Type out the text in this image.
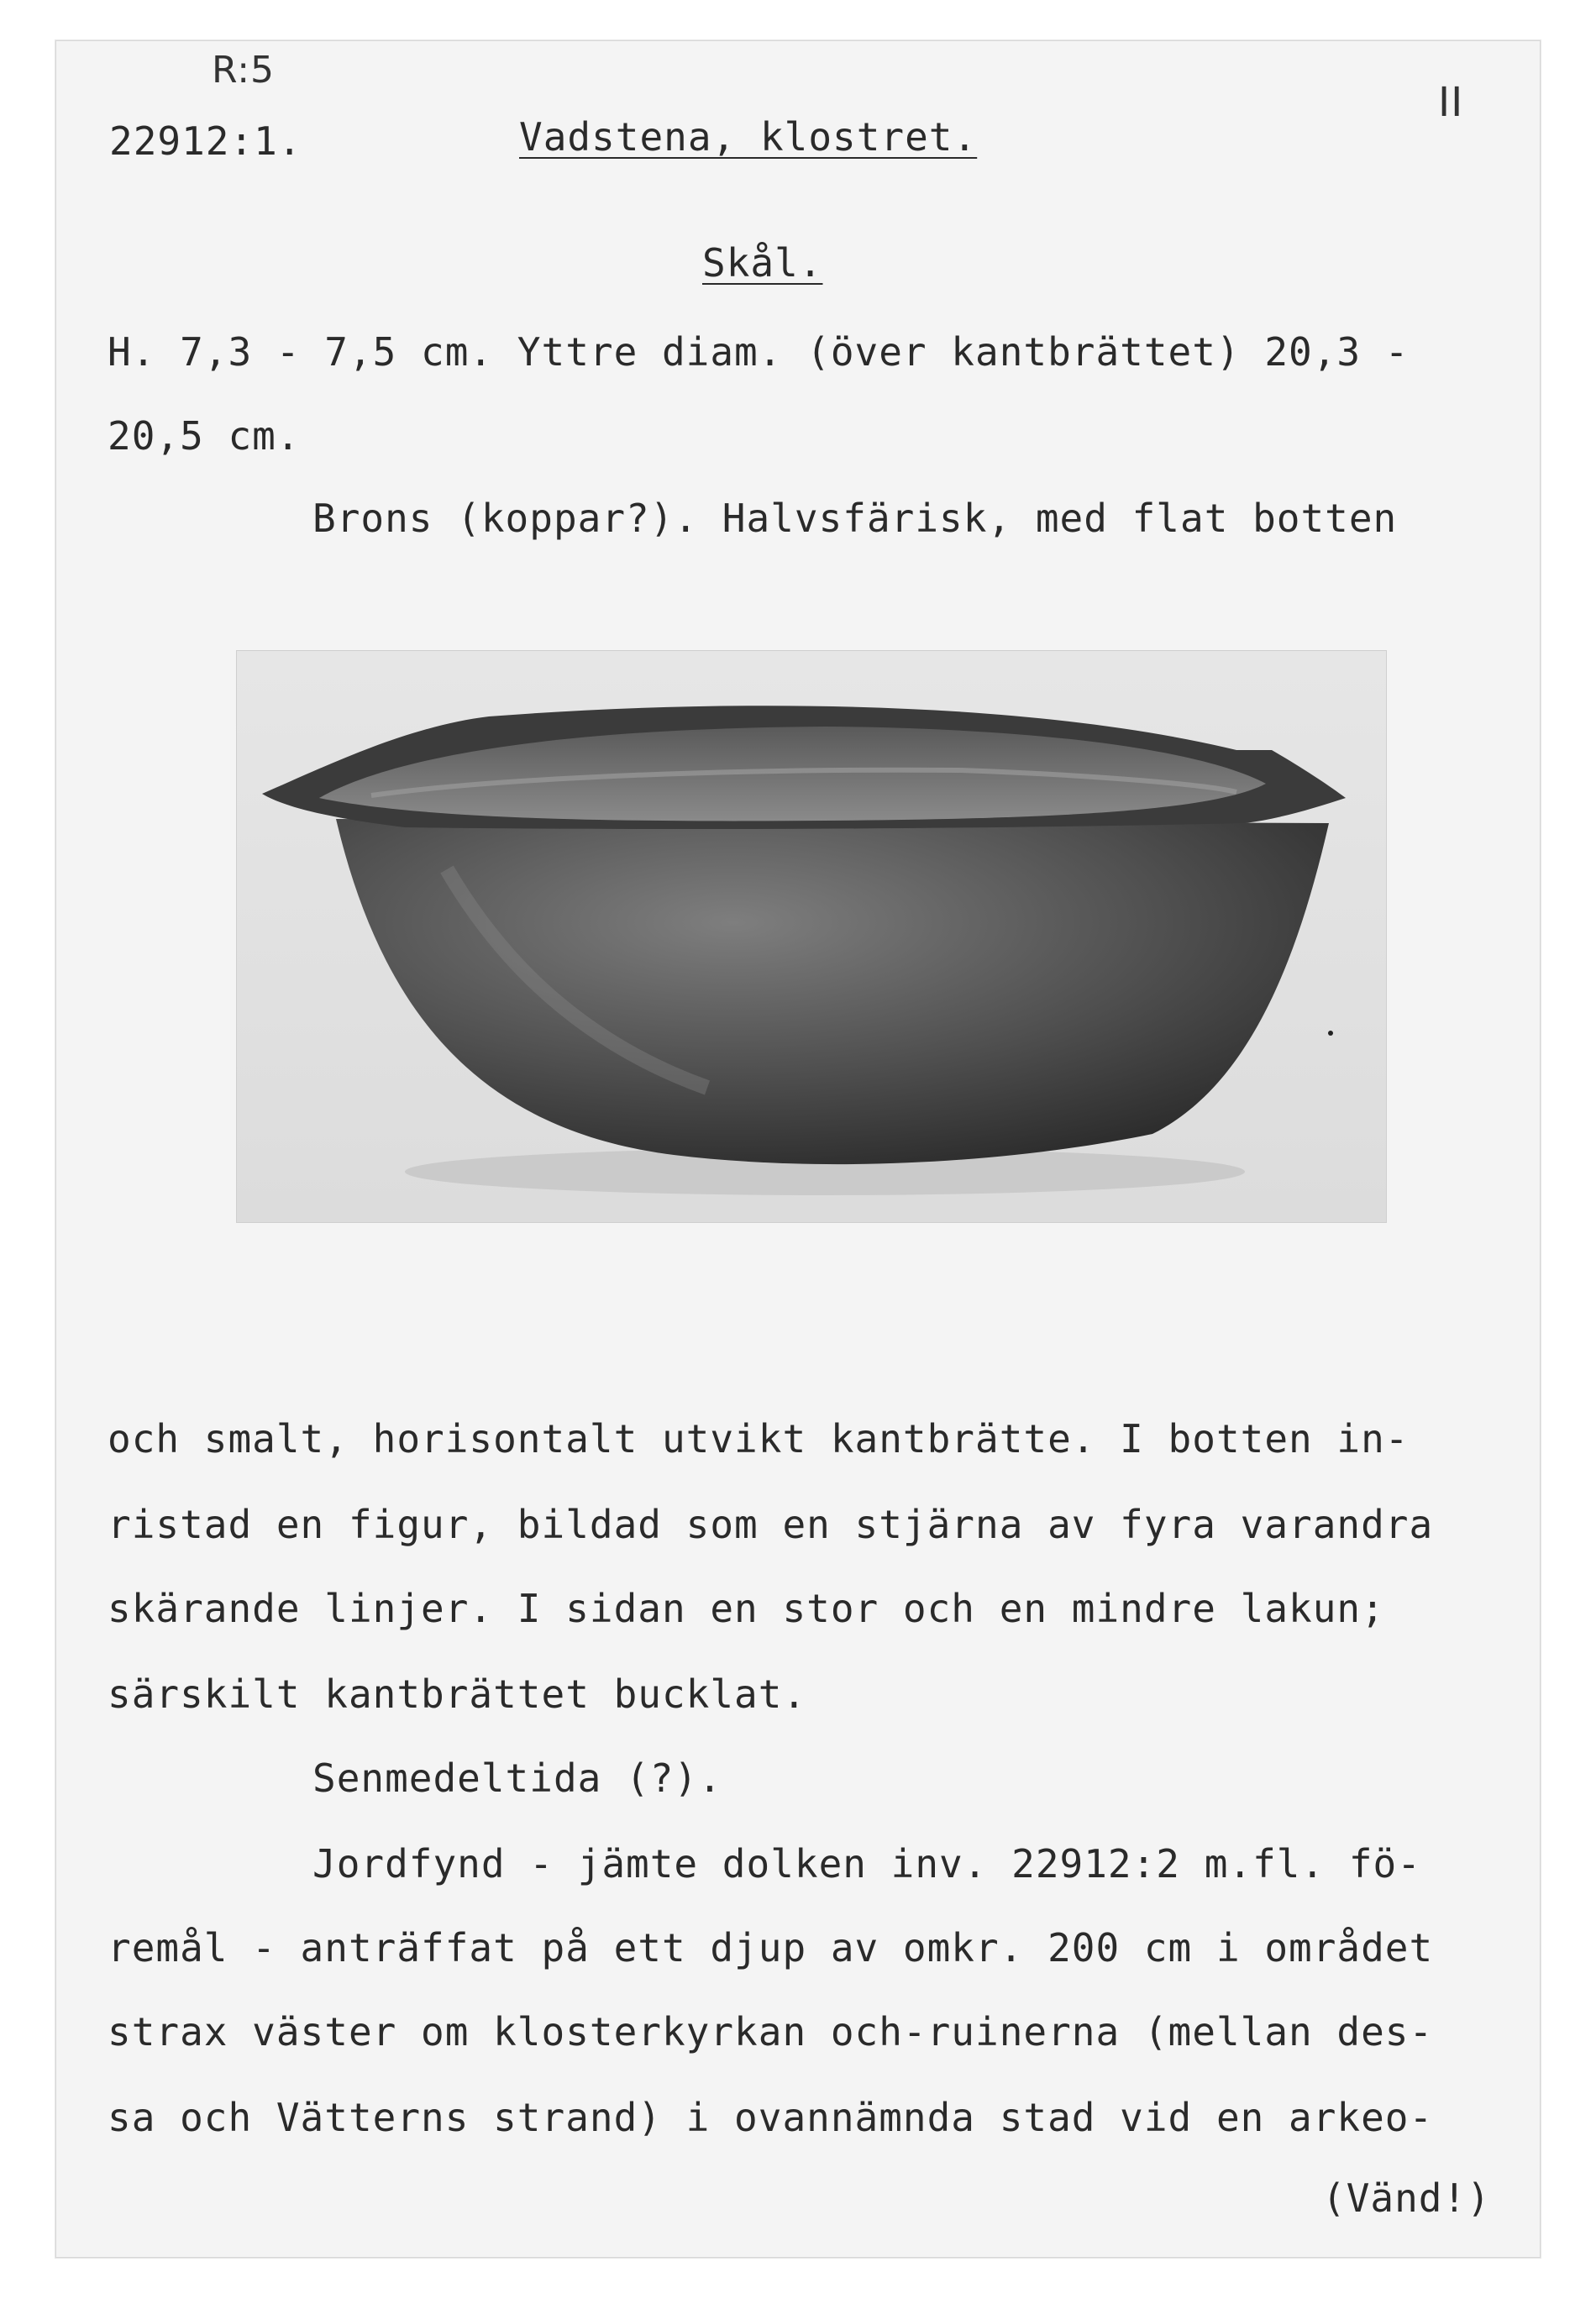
R:5
22912:1.	Vadstena, klostret.
II
Skål.
H. 7,3 - 7,5 cm. Yttre diam. (över kantbrättet) 20,3 -
20,5 cm.
Brons (koppar?). Halvsfärisk, med flat botten
och smalt, horisontalt utvikt kantbrätte. I botten in-
ristad en figur, bildad som en stjärna av fyra varandra
skärande linjer. I sidan en stor och en mindre lakun;
särskilt kantbrättet bucklat.
Senmedeltida (?).
Jordfynd - jämte dolken inv. 22912:2 m.fl. fö-
remål - anträffat på ett djup av omkr. 200 cm i området
strax väster om klosterkyrkan och-ruinerna (mellan des-
sa och Vätterns strand) i ovannämnda stad vid en arkeo-
(Vänd!)
